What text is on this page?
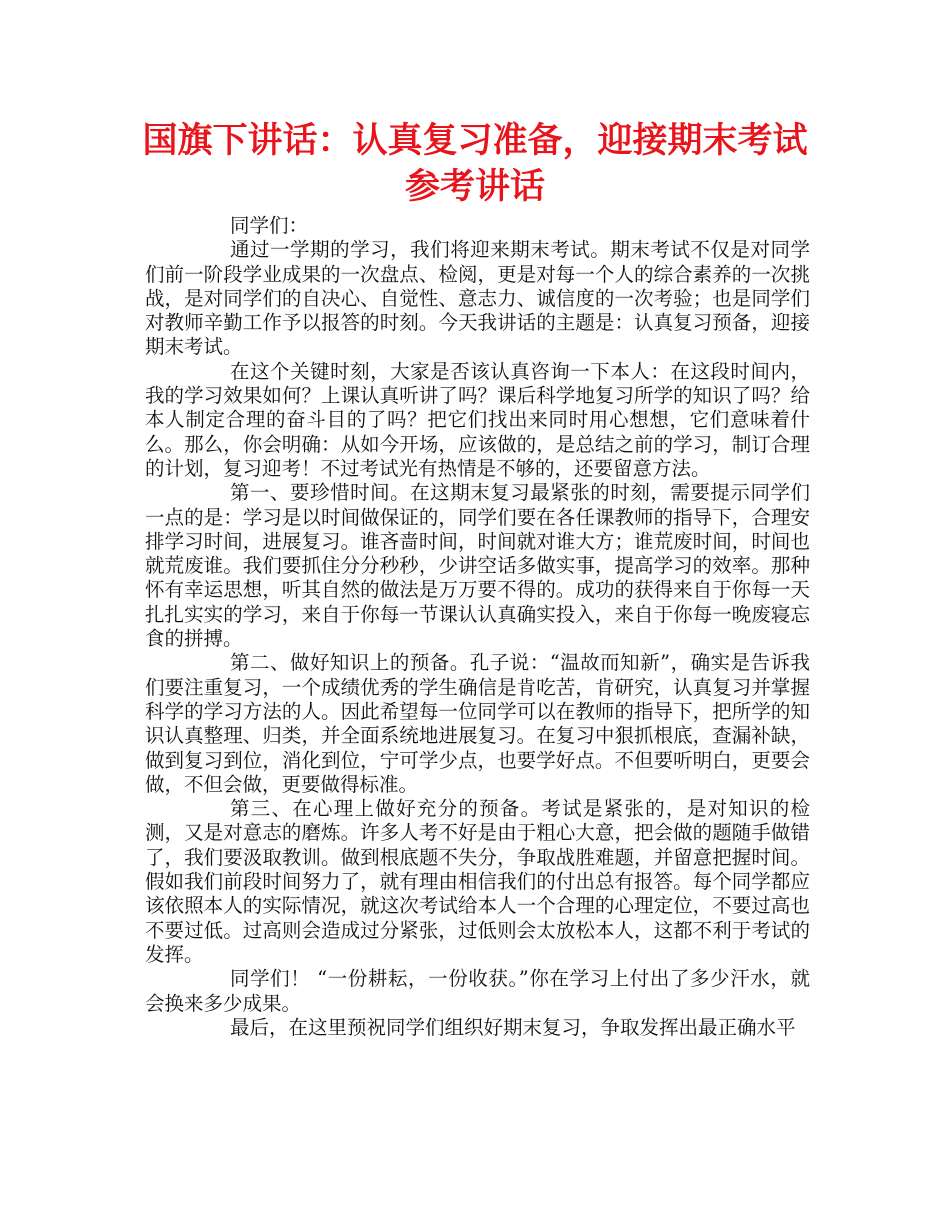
国旗下讲话：认真复习准备，迎接期末考试参考讲话

同学们：

通过一学期的学习，我们将迎来期末考试。期末考试不仅是对同学们前一阶段学业成果的一次盘点、检阅，更是对每一个人的综合素养的一次挑战，是对同学们的自决心、自觉性、意志力、诚信度的一次考验；也是同学们对教师辛勤工作予以报答的时刻。今天我讲话的主题是：认真复习预备，迎接期末考试。

在这个关键时刻，大家是否该认真咨询一下本人：在这段时间内，我的学习效果如何？上课认真听讲了吗？课后科学地复习所学的知识了吗？给本人制定合理的奋斗目的了吗？把它们找出来同时用心想想，它们意味着什么。那么，你会明确：从如今开场，应该做的，是总结之前的学习，制订合理的计划，复习迎考！不过考试光有热情是不够的，还要留意方法。

第一、要珍惜时间。在这期末复习最紧张的时刻，需要提示同学们一点的是：学习是以时间做保证的，同学们要在各任课教师的指导下，合理安排学习时间，进展复习。谁吝啬时间，时间就对谁大方；谁荒废时间，时间也就荒废谁。我们要抓住分分秒秒，少讲空话多做实事，提高学习的效率。那种怀有幸运思想，听其自然的做法是万万要不得的。成功的获得来自于你每一天扎扎实实的学习，来自于你每一节课认认真确实投入，来自于你每一晚废寝忘食的拼搏。

第二、做好知识上的预备。孔子说：“温故而知新”，确实是告诉我们要注重复习，一个成绩优秀的学生确信是肯吃苦，肯研究，认真复习并掌握科学的学习方法的人。因此希望每一位同学可以在教师的指导下，把所学的知识认真整理、归类，并全面系统地进展复习。在复习中狠抓根底，查漏补缺，做到复习到位，消化到位，宁可学少点，也要学好点。不但要听明白，更要会做，不但会做，更要做得标准。

第三、在心理上做好充分的预备。考试是紧张的，是对知识的检测，又是对意志的磨炼。许多人考不好是由于粗心大意，把会做的题随手做错了，我们要汲取教训。做到根底题不失分，争取战胜难题，并留意把握时间。假如我们前段时间努力了，就有理由相信我们的付出总有报答。每个同学都应该依照本人的实际情况，就这次考试给本人一个合理的心理定位，不要过高也不要过低。过高则会造成过分紧张，过低则会太放松本人，这都不利于考试的发挥。

同学们！ “一份耕耘，一份收获。”你在学习上付出了多少汗水，就会换来多少成果。

最后，在这里预祝同学们组织好期末复习，争取发挥出最正确水平
